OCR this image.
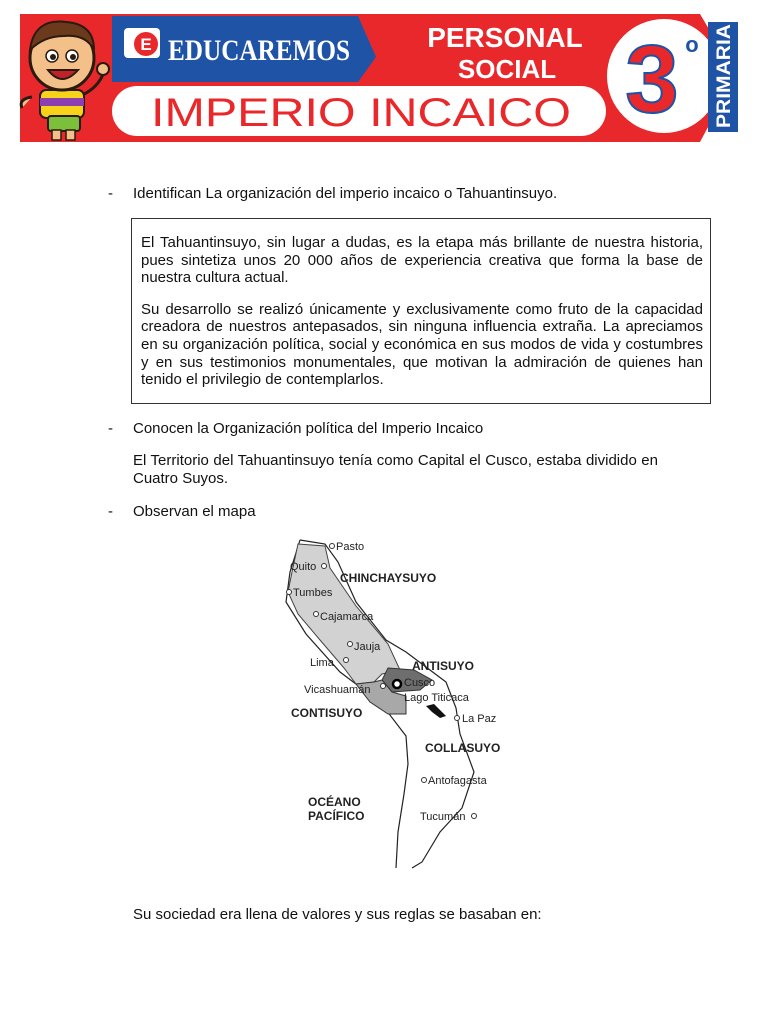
E EDUCAREMOS	PERSONAL
SOCIAL
IMPERIO INCAICO 3 o PRIMARIA
- Identifican La organización del imperio incaico o Tahuantinsuyo.

El Tahuantinsuyo, sin lugar a dudas, es la etapa más brillante de nuestra historia, pues sintetiza unos 20 000 años de experiencia creativa que forma la base de nuestra cultura actual.

Su desarrollo se realizó únicamente y exclusivamente como fruto de la capacidad creadora de nuestros antepasados, sin ninguna influencia extraña. La apreciamos en su organización política, social y económica en sus modos de vida y costumbres y en sus testimonios monumentales, que motivan la admiración de quienes han tenido el privilegio de contemplarlos.

- Conocen la Organización política del Imperio Incaico

El Territorio del Tahuantinsuyo tenía como Capital el Cusco, estaba dividido en Cuatro Suyos.

- Observan el mapa
Pasto
Quito
Tumbes
Cajamarca
Jauja
Lima
Cusco
Vicashuamán
Lago Titicaca
La Paz
Antofagasta
Tucumán
CHINCHAYSUYO
ANTISUYO
CONTISUYO
COLLASUYO
OCÉANO
PACÍFICO

Su sociedad era llena de valores y sus reglas se basaban en:
